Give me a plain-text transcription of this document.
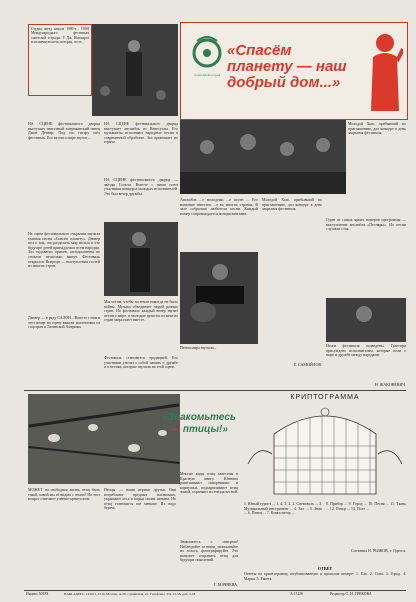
Студия звезд начала 1980-х... ООН Международного фестиваля советской эстрады. У Дж. Ньюхарта и солнечную ночь, которая, по ее...
НА СЦЕНЕ фестивального дворца выступает известный американский певец Джон Денвер. Под его гитару шёл фестиваль. Его песни о мире звучат ...
На сцене фестивального открытия звучала главная песня «Спасём планету». Денвер пел о том, что разделить мир нельзя и что будущее детей принадлежит всем народам. Зал подхватил припев, аплодисменты не стихали несколько минут. Фестиваль открылся. Впереди — выступления гостей из многих стран.
Денвер — в ряду САЛОН... Вместе с ним в этот вечер на сцену вышли коллективы из соцстран и Латинской Америки.
солнечный остров
«Спасём планету — наш добрый дом...»
НА СЦЕНЕ фестивального дворца выступает ансамбль из Венесуэлы. Его музыканты исполняют народные песни в современной обработке. Зал принимает их горячо.
НА СЦЕНЕ фестивального дворца — звёзды Сопота. Вместе с ними поют участники конкурса молодых исполнителей. Это был вечер дружбы.
Мы хотим, чтобы на земле никогда не было войны. Музыка объединяет людей разных стран. На фестивале каждый вечер звучат песни о мире, и молодые артисты из многих стран мира поют вместе.
Фестиваль становится традицией. Его участники уносят с собой память о дружбе и о песнях, которые звучали на этой сцене.
Ансамбль ...е молодежи ...е песен ... Его название известно ...е во многих странах. В зале собрались любители песни. Каждый номер сопровождается аплодисментами.
Песни мира звучали...
Молодой Хью, прибывший по приглашению, дал концерт в день закрытия фестиваля.
Е. САМОЙЛОВ.
Молодой Хью, прибывший по приглашению, дал концерт в день закрытия фестиваля.
Один из самых ярких номеров программы — выступление ансамбля «Песняры». Их песни слушали стоя.
Итоги фестиваля подведены. Гран-при присуждено исполнителям, которые пели о мире и дружбе между народами.
Н. ЖАКОВЕВИЧ.
«Знакомьтесь — птицы!»
МОЖЕТ ли свободная жизнь птиц быть такой, какой мы её видим с земли? На этот вопрос отвечают учёные-орнитологи.
Птицы — наши верные друзья. Они истребляют вредных насекомых, украшают леса и парки своим пением. Но птиц становится всё меньше. Их надо беречь.
Многие виды птиц занесены в Красную книгу. Юннаты развешивают скворечники и кормушки, подкармливают птиц зимой, охраняют их гнёзда весной.
Знакомьтесь с птицами! Наблюдайте за ними, записывайте их голоса, фотографируйте. Это поможет сохранить птиц для будущих поколений.
Г. МАЧНЕВА.
КРИПТОГРАММА
1. Юный турист ... 1, 4, 5, 2. 2. Спектакль ... 3. Музыкальный инструмент ... 4. Зал ... 5. Знак ... 6. Певец ... 7. Композитор ...
8. Прибор ... 9. Город ... 10. Песня ... 11. Ткань ... 12. Птица ... 13. Поэт ...
Составил Н. РЫЖОВ, г. Одесса.
ОТВЕТ
Ответы на криптограмму, опубликованную в прошлом номере: 1. Ель. 2. Сова. 3. Город. 4. Марка. 5. Ракета.
Индекс 50183	НАШ АДРЕС: 125015, ГСП, Москва, А-30, Сущёвская, 21. Телефоны: 251-15-58, доб. 3-18.	А-13126	Редактор О. Н. ГРЕКОВА
